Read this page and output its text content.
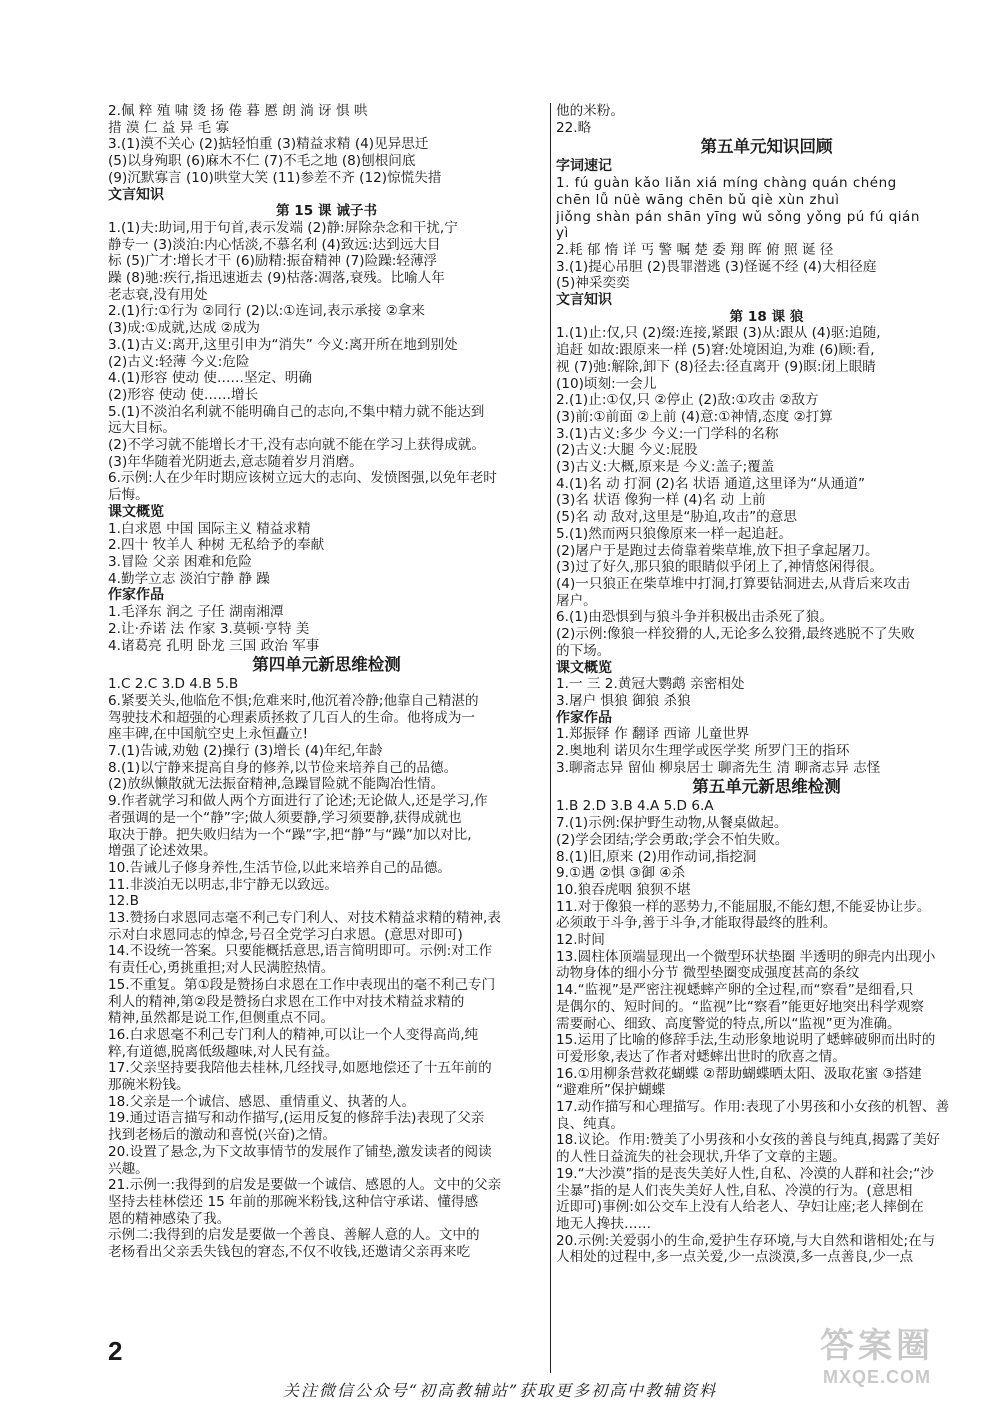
2.佩 粹 殖 啸 烫 扬 倦 暮 慝 朗 淌 讶 惧 哄
措 漠 仁 益 异 毛 寡
3.(1)漠不关心 (2)掂轻怕重 (3)精益求精 (4)见异思迁
(5)以身殉职 (6)麻木不仁 (7)不毛之地 (8)刨根问底
(9)沉默寡言 (10)哄堂大笑 (11)参差不齐 (12)惊慌失措
文言知识
第 15 课 诫子书
1.(1)夫:助词,用于句首,表示发端 (2)静:屏除杂念和干扰,宁
静专一 (3)淡泊:内心恬淡,不慕名利 (4)致远:达到远大目
标 (5)广才:增长才干 (6)励精:振奋精神 (7)险躁:轻薄浮
躁 (8)驰:疾行,指迅速逝去 (9)枯落:凋落,衰残。比喻人年
老志衰,没有用处
2.(1)行:①行为 ②同行 (2)以:①连词,表示承接 ②拿来
(3)成:①成就,达成 ②成为
3.(1)古义:离开,这里引申为“消失” 今义:离开所在地到别处
(2)古义:轻薄 今义:危险
4.(1)形容 使动 使……坚定、明确
(2)形容 使动 使……增长
5.(1)不淡泊名利就不能明确自己的志向,不集中精力就不能达到
远大目标。
(2)不学习就不能增长才干,没有志向就不能在学习上获得成就。
(3)年华随着光阴逝去,意志随着岁月消磨。
6.示例:人在少年时期应该树立远大的志向、发愤图强,以免年老时
后悔。
课文概览
1.白求恩 中国 国际主义 精益求精
2.四十 牧羊人 种树 无私给予的奉献
3.冒险 父亲 困难和危险
4.勤学立志 淡泊宁静 静 躁
作家作品
1.毛泽东 润之 子任 湖南湘潭
2.让·乔诺 法 作家 3.莫顿·亨特 美
4.诸葛亮 孔明 卧龙 三国 政治 军事
第四单元新思维检测
1.C 2.C 3.D 4.B 5.B
6.紧要关头,他临危不惧;危难来时,他沉着冷静;他靠自己精湛的
驾驶技术和超强的心理素质拯救了几百人的生命。他将成为一
座丰碑,在中国航空史上永恒矗立!
7.(1)告诫,劝勉 (2)操行 (3)增长 (4)年纪,年龄
8.(1)以宁静来提高自身的修养,以节俭来培养自己的品德。
(2)放纵懒散就无法振奋精神,急躁冒险就不能陶冶性情。
9.作者就学习和做人两个方面进行了论述;无论做人,还是学习,作
者强调的是一个“静”字;做人须要静,学习须要静,获得成就也
取决于静。把失败归结为一个“躁”字,把“静”与“躁”加以对比,
增强了论述效果。
10.告诫儿子修身养性,生活节俭,以此来培养自己的品德。
11.非淡泊无以明志,非宁静无以致远。
12.B
13.赞扬白求恩同志毫不利己专门利人、对技术精益求精的精神,表
示对白求恩同志的悼念,号召全党学习白求恩。(意思对即可)
14.不设统一答案。只要能概括意思,语言简明即可。示例:对工作
有责任心,勇挑重担;对人民满腔热情。
15.不重复。第①段是赞扬白求恩在工作中表现出的毫不利己专门
利人的精神,第②段是赞扬白求恩在工作中对技术精益求精的
精神,虽然都是说工作,但侧重点不同。
16.白求恩毫不利己专门利人的精神,可以让一个人变得高尚,纯
粹,有道德,脱离低级趣味,对人民有益。
17.父亲坚持要我陪他去桂林,几经找寻,如愿地偿还了十五年前的
那碗米粉钱。
18.父亲是一个诚信、感恩、重情重义、执著的人。
19.通过语言描写和动作描写,(运用反复的修辞手法)表现了父亲
找到老杨后的激动和喜悦(兴奋)之情。
20.设置了悬念,为下文故事情节的发展作了铺垫,激发读者的阅读
兴趣。
21.示例一:我得到的启发是要做一个诚信、感恩的人。文中的父亲
坚持去桂林偿还 15 年前的那碗米粉钱,这种信守承诺、懂得感
恩的精神感染了我。
示例二:我得到的启发是要做一个善良、善解人意的人。文中的
老杨看出父亲丢失钱包的窘态,不仅不收钱,还邀请父亲再来吃
他的米粉。
22.略
第五单元知识回顾
字词速记
1. fú guàn kǎo liǎn xiá míng chàng quán chéng
chēn lǚ nüè wāng chēn bǔ qiè xùn zhuì
jiǒng shàn pán shān yīng wǔ sǒng yǒng pú fú qián
yì
2.耗 郁 惰 详 丐 警 嘱 楚 委 翔 晖 俯 照 诞 径
3.(1)提心吊胆 (2)畏罪潜逃 (3)怪诞不经 (4)大相径庭
(5)神采奕奕
文言知识
第 18 课 狼
1.(1)止:仅,只 (2)缀:连接,紧跟 (3)从:跟从 (4)驱:追随,
追赶 如故:跟原来一样 (5)窘:处境困迫,为难 (6)顾:看,
视 (7)弛:解除,卸下 (8)径去:径直离开 (9)瞑:闭上眼睛
(10)顷刻:一会儿
2.(1)止:①仅,只 ②停止 (2)敌:①攻击 ②敌方
(3)前:①前面 ②上前 (4)意:①神情,态度 ②打算
3.(1)古义:多少 今义:一门学科的名称
(2)古义:大腿 今义:屁股
(3)古义:大概,原来是 今义:盖子;覆盖
4.(1)名 动 打洞 (2)名 状语 通道,这里译为“从通道”
(3)名 状语 像狗一样 (4)名 动 上前
(5)名 动 敌对,这里是“胁迫,攻击”的意思
5.(1)然而两只狼像原来一样一起追赶。
(2)屠户于是跑过去倚靠着柴草堆,放下担子拿起屠刀。
(3)过了好久,那只狼的眼睛似乎闭上了,神情悠闲得很。
(4)一只狼正在柴草堆中打洞,打算要钻洞进去,从背后来攻击
屠户。
6.(1)由恐惧到与狼斗争并积极出击杀死了狼。
(2)示例:像狼一样狡猾的人,无论多么狡猾,最终逃脱不了失败
的下场。
课文概览
1.一 三 2.黄冠大鹦鹉 亲密相处
3.屠户 惧狼 御狼 杀狼
作家作品
1.郑振铎 作 翻译 西谛 儿童世界
2.奥地利 诺贝尔生理学或医学奖 所罗门王的指环
3.聊斋志异 留仙 柳泉居士 聊斋先生 清 聊斋志异 志怪
第五单元新思维检测
1.B 2.D 3.B 4.A 5.D 6.A
7.(1)示例:保护野生动物,从餐桌做起。
(2)学会团结;学会勇敢;学会不怕失败。
8.(1)旧,原来 (2)用作动词,指挖洞
9.①遇 ②惧 ③御 ④杀
10.狼吞虎咽 狼狈不堪
11.对于像狼一样的恶势力,不能屈服,不能幻想,不能妥协让步。
必须敢于斗争,善于斗争,才能取得最终的胜利。
12.时间
13.圆柱体顶端显现出一个微型环状垫圈 半透明的卵壳内出现小
动物身体的细小分节 微型垫圈变成强度甚高的条纹
14.“监视”是严密注视蟋蟀产卵的全过程,而“察看”是细看,只
是偶尔的、短时间的。“监视”比“察看”能更好地突出科学观察
需要耐心、细致、高度警觉的特点,所以“监视”更为准确。
15.运用了比喻的修辞手法,生动形象地说明了蟋蟀破卵而出时的
可爱形象,表达了作者对蟋蟀出世时的欣喜之情。
16.①用柳条营救花蝴蝶 ②帮助蝴蝶晒太阳、汲取花蜜 ③搭建
“避难所”保护蝴蝶
17.动作描写和心理描写。作用:表现了小男孩和小女孩的机智、善
良、纯真。
18.议论。作用:赞美了小男孩和小女孩的善良与纯真,揭露了美好
的人性日益流失的社会现状,升华了文章的主题。
19.“大沙漠”指的是丧失美好人性,自私、冷漠的人群和社会;“沙
尘暴”指的是人们丧失美好人性,自私、冷漠的行为。(意思相
近即可)事例:如公交车上没有人给老人、孕妇让座;老人摔倒在
地无人搀扶……
20.示例:关爱弱小的生命,爱护生存环境,与大自然和谐相处;在与
人相处的过程中,多一点关爱,少一点淡漠,多一点善良,少一点
2
关注微信公众号“初高教辅站”获取更多初高中教辅资料
答案圈
MXQE.COM
